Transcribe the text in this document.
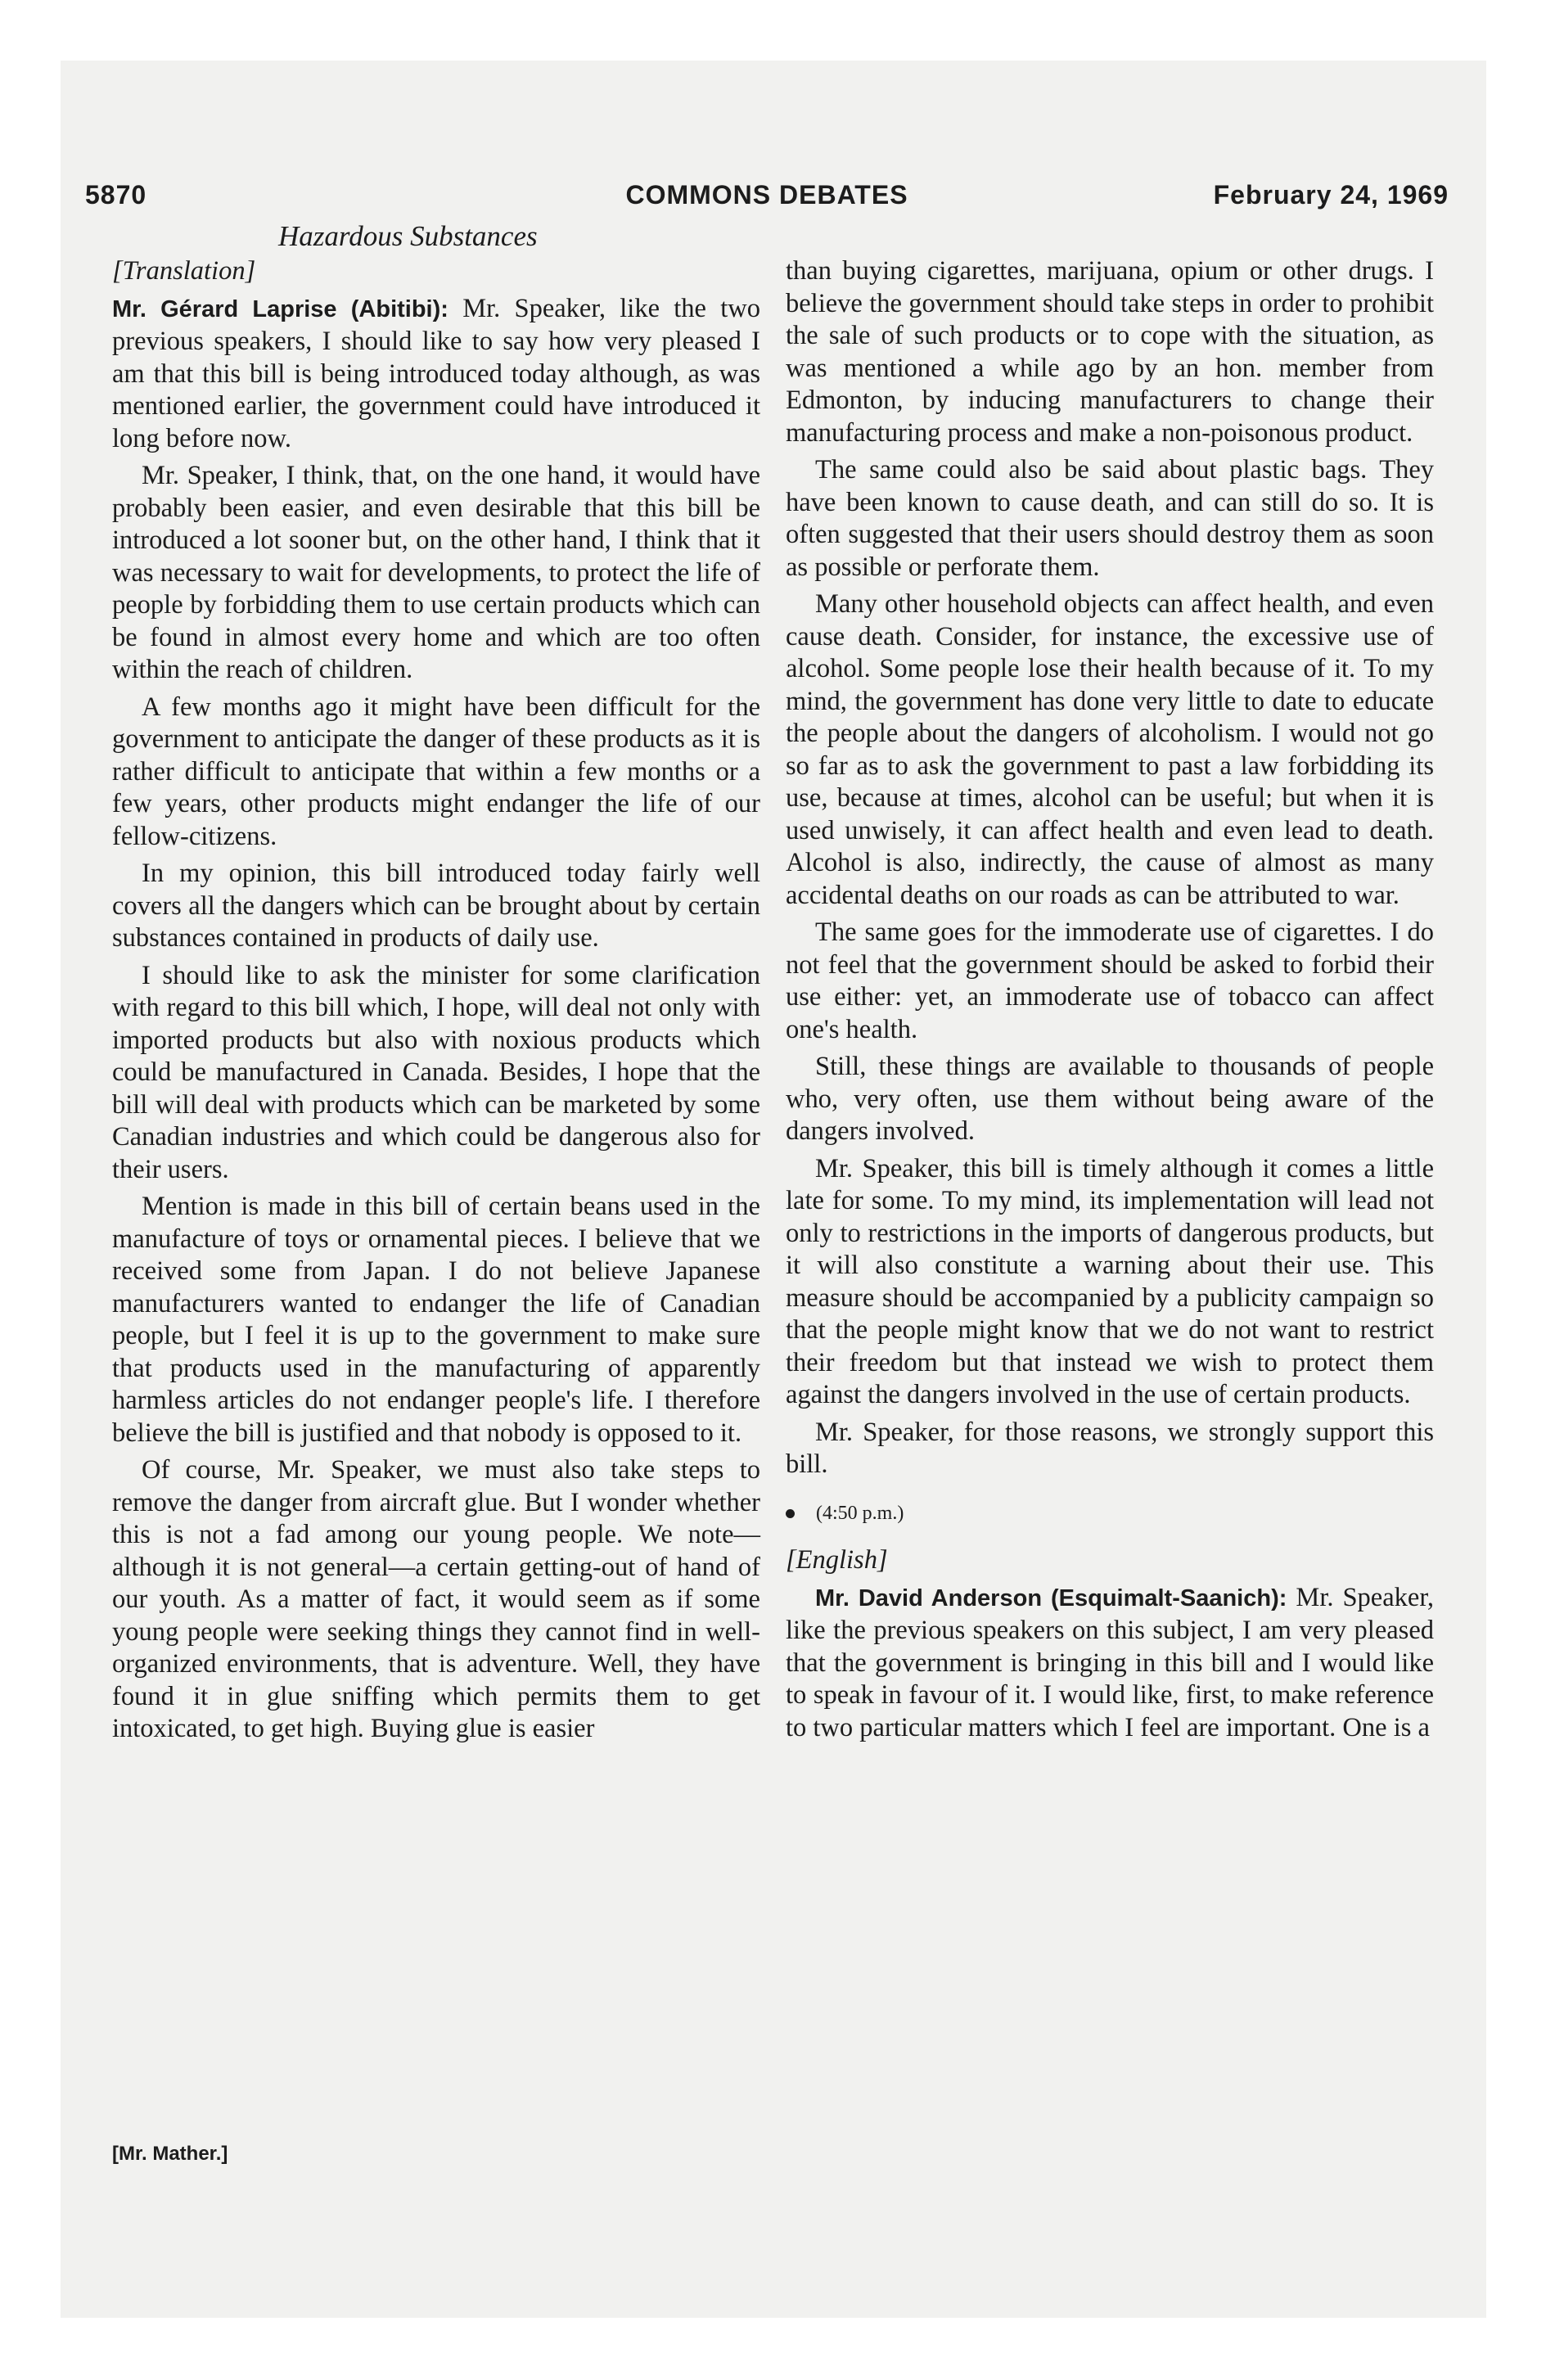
5870	COMMONS DEBATES	February 24, 1969
Hazardous Substances
[Translation]

Mr. Gérard Laprise (Abitibi): Mr. Speaker, like the two previous speakers, I should like to say how very pleased I am that this bill is being introduced today although, as was mentioned earlier, the government could have introduced it long before now.

Mr. Speaker, I think, that, on the one hand, it would have probably been easier, and even desirable that this bill be introduced a lot sooner but, on the other hand, I think that it was necessary to wait for developments, to protect the life of people by forbidding them to use certain products which can be found in almost every home and which are too often within the reach of children.

A few months ago it might have been difficult for the government to anticipate the danger of these products as it is rather difficult to anticipate that within a few months or a few years, other products might endanger the life of our fellow-citizens.

In my opinion, this bill introduced today fairly well covers all the dangers which can be brought about by certain substances contained in products of daily use.

I should like to ask the minister for some clarification with regard to this bill which, I hope, will deal not only with imported products but also with noxious products which could be manufactured in Canada. Besides, I hope that the bill will deal with products which can be marketed by some Canadian industries and which could be dangerous also for their users.

Mention is made in this bill of certain beans used in the manufacture of toys or ornamental pieces. I believe that we received some from Japan. I do not believe Japanese manufacturers wanted to endanger the life of Canadian people, but I feel it is up to the government to make sure that products used in the manufacturing of apparently harmless articles do not endanger people's life. I therefore believe the bill is justified and that nobody is opposed to it.

Of course, Mr. Speaker, we must also take steps to remove the danger from aircraft glue. But I wonder whether this is not a fad among our young people. We note—although it is not general—a certain getting-out of hand of our youth. As a matter of fact, it would seem as if some young people were seeking things they cannot find in well-organized environments, that is adventure. Well, they have found it in glue sniffing which permits them to get intoxicated, to get high. Buying glue is easier

than buying cigarettes, marijuana, opium or other drugs. I believe the government should take steps in order to prohibit the sale of such products or to cope with the situation, as was mentioned a while ago by an hon. member from Edmonton, by inducing manufacturers to change their manufacturing process and make a non-poisonous product.

The same could also be said about plastic bags. They have been known to cause death, and can still do so. It is often suggested that their users should destroy them as soon as possible or perforate them.

Many other household objects can affect health, and even cause death. Consider, for instance, the excessive use of alcohol. Some people lose their health because of it. To my mind, the government has done very little to date to educate the people about the dangers of alcoholism. I would not go so far as to ask the government to past a law forbidding its use, because at times, alcohol can be useful; but when it is used unwisely, it can affect health and even lead to death. Alcohol is also, indirectly, the cause of almost as many accidental deaths on our roads as can be attributed to war.

The same goes for the immoderate use of cigarettes. I do not feel that the government should be asked to forbid their use either: yet, an immoderate use of tobacco can affect one's health.

Still, these things are available to thousands of people who, very often, use them without being aware of the dangers involved.

Mr. Speaker, this bill is timely although it comes a little late for some. To my mind, its implementation will lead not only to restrictions in the imports of dangerous products, but it will also constitute a warning about their use. This measure should be accompanied by a publicity campaign so that the people might know that we do not want to restrict their freedom but that instead we wish to protect them against the dangers involved in the use of certain products.

Mr. Speaker, for those reasons, we strongly support this bill.

(4:50 p.m.)
[English]

Mr. David Anderson (Esquimalt-Saanich): Mr. Speaker, like the previous speakers on this subject, I am very pleased that the government is bringing in this bill and I would like to speak in favour of it. I would like, first, to make reference to two particular matters which I feel are important. One is a

[Mr. Mather.]
